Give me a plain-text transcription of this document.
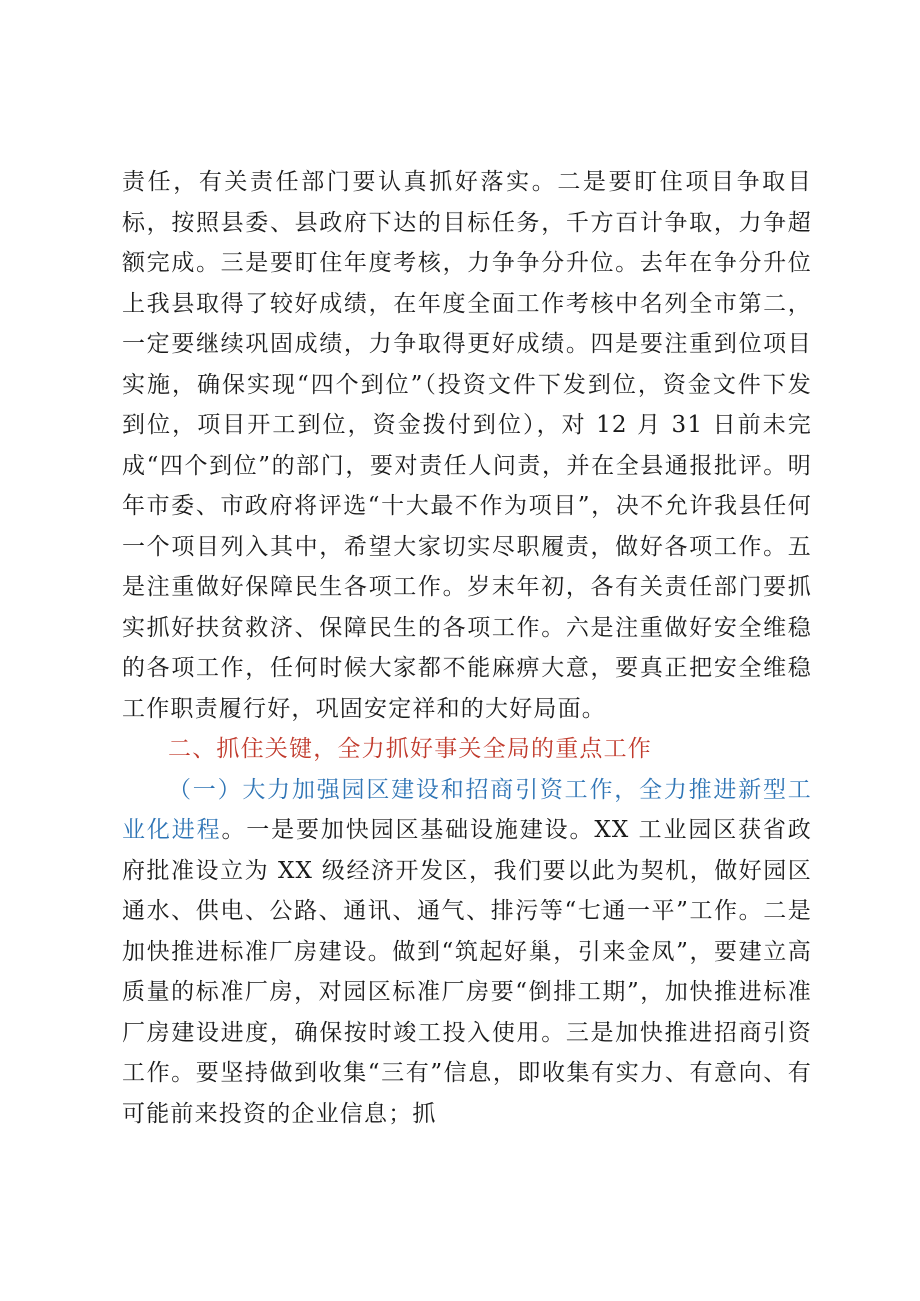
责任，有关责任部门要认真抓好落实。二是要盯住项目争取目标，按照县委、县政府下达的目标任务，千方百计争取，力争超额完成。三是要盯住年度考核，力争争分升位。去年在争分升位上我县取得了较好成绩，在年度全面工作考核中名列全市第二，一定要继续巩固成绩，力争取得更好成绩。四是要注重到位项目实施，确保实现“四个到位”（投资文件下发到位，资金文件下发到位，项目开工到位，资金拨付到位），对 12 月 31 日前未完成“四个到位”的部门，要对责任人问责，并在全县通报批评。明年市委、市政府将评选“十大最不作为项目”，决不允许我县任何一个项目列入其中，希望大家切实尽职履责，做好各项工作。五是注重做好保障民生各项工作。岁末年初，各有关责任部门要抓实抓好扶贫救济、保障民生的各项工作。六是注重做好安全维稳的各项工作，任何时候大家都不能麻痹大意，要真正把安全维稳工作职责履行好，巩固安定祥和的大好局面。

二、抓住关键，全力抓好事关全局的重点工作

（一）大力加强园区建设和招商引资工作，全力推进新型工业化进程。一是要加快园区基础设施建设。XX 工业园区获省政府批准设立为 XX 级经济开发区，我们要以此为契机，做好园区通水、供电、公路、通讯、通气、排污等“七通一平”工作。二是加快推进标准厂房建设。做到“筑起好巢，引来金凤”，要建立高质量的标准厂房，对园区标准厂房要“倒排工期”，加快推进标准厂房建设进度，确保按时竣工投入使用。三是加快推进招商引资工作。要坚持做到收集“三有”信息，即收集有实力、有意向、有可能前来投资的企业信息；抓
